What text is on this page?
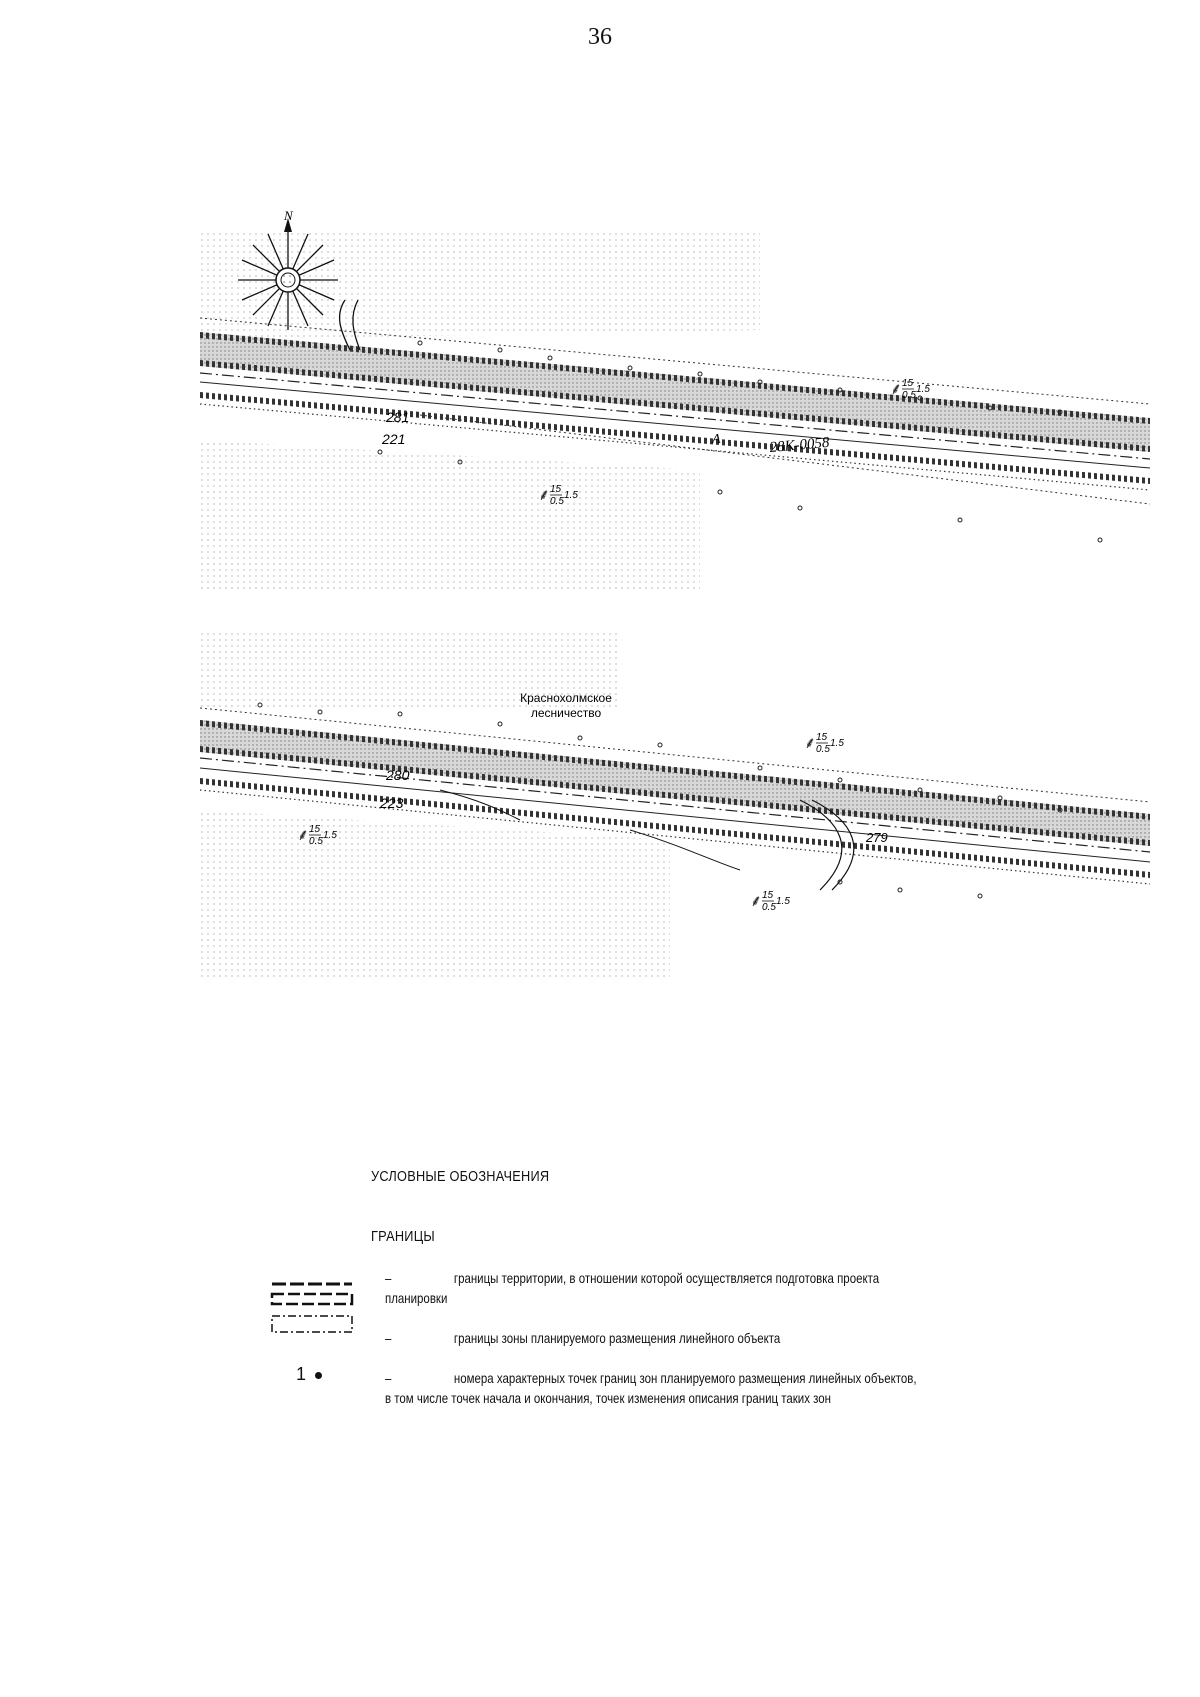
36
N
281
221	А	28К-0058
⸙ 15
0.5
1.5
⸙ 15
0.5
1.5
Краснохолмское
лесничество
280
223
279
⸙ 15
0.5
1.5
⸙ 15
0.5
1.5
⸙ 15
0.5
1.5
УСЛОВНЫЕ ОБОЗНАЧЕНИЯ
ГРАНИЦЫ
–	границы территории, в отношении которой осуществляется подготовка проекта
планировки
–	границы зоны планируемого размещения линейного объекта
1	–	номера характерных точек границ зон планируемого размещения линейных объектов,
в том числе точек начала и окончания, точек изменения описания границ таких зон
